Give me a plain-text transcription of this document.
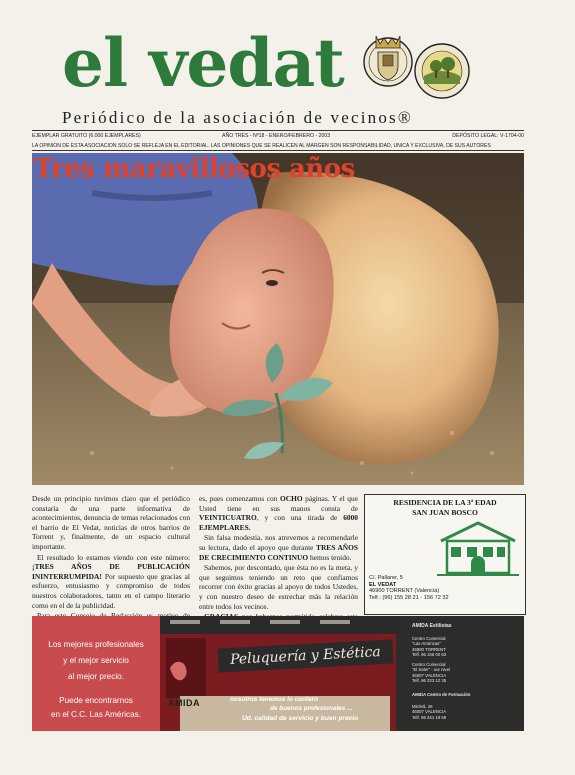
el vedat
Periódico de la asociación de vecinos®
EJEMPLAR GRATUITO (6.000 EJEMPLARES)	AÑO TRES - Nº18 - ENERO/FEBRERO - 2003	DEPÓSITO LEGAL: V-1704-00
LA OPINIÓN DE ESTA ASOCIACIÓN SÓLO SE REFLEJA EN EL EDITORIAL. LAS OPINIONES QUE SE REALICEN AL MARGEN SON RESPONSABILIDAD, ÚNICA Y EXCLUSIVA, DE SUS AUTORES
Tres maravillosos años

Desde un principio tuvimos claro que el periódico constaría de una parte informativa de acontecimientos, denuncia de temas relacionados con el barrio de El Vedat, noticias de otros barrios de Torrent y, finalmente, de un espacio cultural importante.

El resultado lo estamos viendo con este número: ¡TRES AÑOS DE PUBLICACIÓN ININTERRUMPIDA! Por supuesto que gracias al esfuerzo, entusiasmo y compromiso de todos nuestros colaboradores, tanto en el campo literario como en el de la publicidad.

es, pues comenzamos con OCHO páginas. Y el que Usted tiene en sus manos consta de VEINTICUATRO, y con una tirada de 6000 EJEMPLARES.

Sin falsa modestia, nos atrevemos a recomendarle su lectura, dado el apoyo que durante TRES AÑOS DE CRECIMIENTO CONTINUO hemos tenido.

Sabemos, por descontado, que ésta no es la meta, y que seguimos teniendo un reto que confiamos recorrer con éxito gracias al apoyo de todos Ustedes, y con nuestro deseo de estrechar más la relación entre todos los vecinos.

RESIDENCIA DE LA 3ª EDAD
SAN JUAN BOSCO
C/. Pallarer, 5
EL VEDAT
46900 TORRENT (Valencia)
Telf.: (96) 155 28 21 - 156 72 32
Los mejores profesionales
y el mejor servicio
al mejor precio.
Puede encontrarnos
en el C.C. Las Américas.
AMIDA
Peluquería y Estética
nosotros tenemos lo contero
de buenos profesionales ...
Ud. calidad de servicio y buen precio
AMIDA Estilistas
Centro Comercial
"Las Américas"
46900 TORRENT
Telf. 96 156 00 63
Centro Comercial
"El Saler" - sur nivel
46007 VALENCIA
Telf. 96 333 12 35
AMIDA Centro de Formación
Micheli, 26
46007 VALENCIA
Telf. 96 341 19 69
